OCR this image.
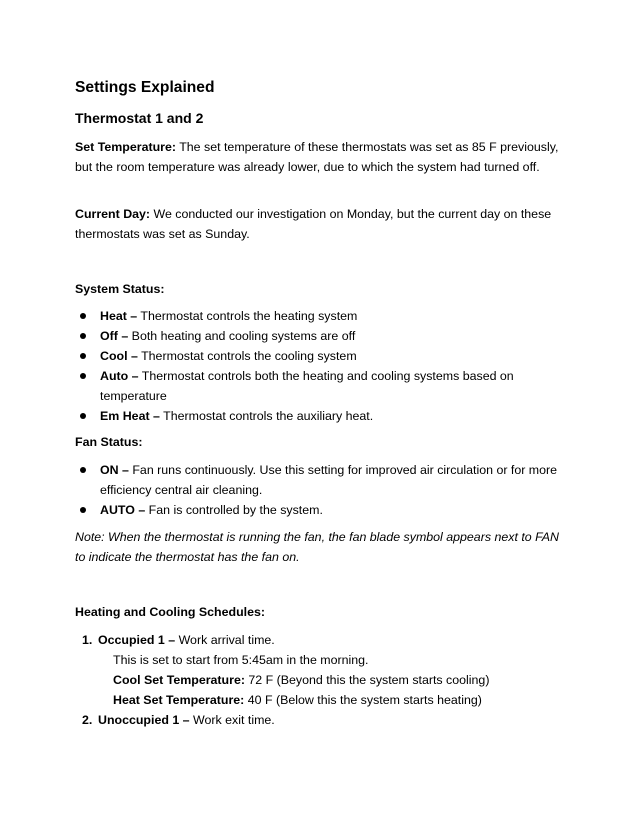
Settings Explained
Thermostat 1 and 2
Set Temperature: The set temperature of these thermostats was set as 85 F previously, but the room temperature was already lower, due to which the system had turned off.
Current Day: We conducted our investigation on Monday, but the current day on these thermostats was set as Sunday.
System Status:
Heat – Thermostat controls the heating system
Off – Both heating and cooling systems are off
Cool – Thermostat controls the cooling system
Auto – Thermostat controls both the heating and cooling systems based on temperature
Em Heat – Thermostat controls the auxiliary heat.
Fan Status:
ON – Fan runs continuously. Use this setting for improved air circulation or for more efficiency central air cleaning.
AUTO – Fan is controlled by the system.
Note: When the thermostat is running the fan, the fan blade symbol appears next to FAN to indicate the thermostat has the fan on.
Heating and Cooling Schedules:
1. Occupied 1 – Work arrival time.
This is set to start from 5:45am in the morning.
Cool Set Temperature: 72 F (Beyond this the system starts cooling)
Heat Set Temperature: 40 F (Below this the system starts heating)
2. Unoccupied 1 – Work exit time.
